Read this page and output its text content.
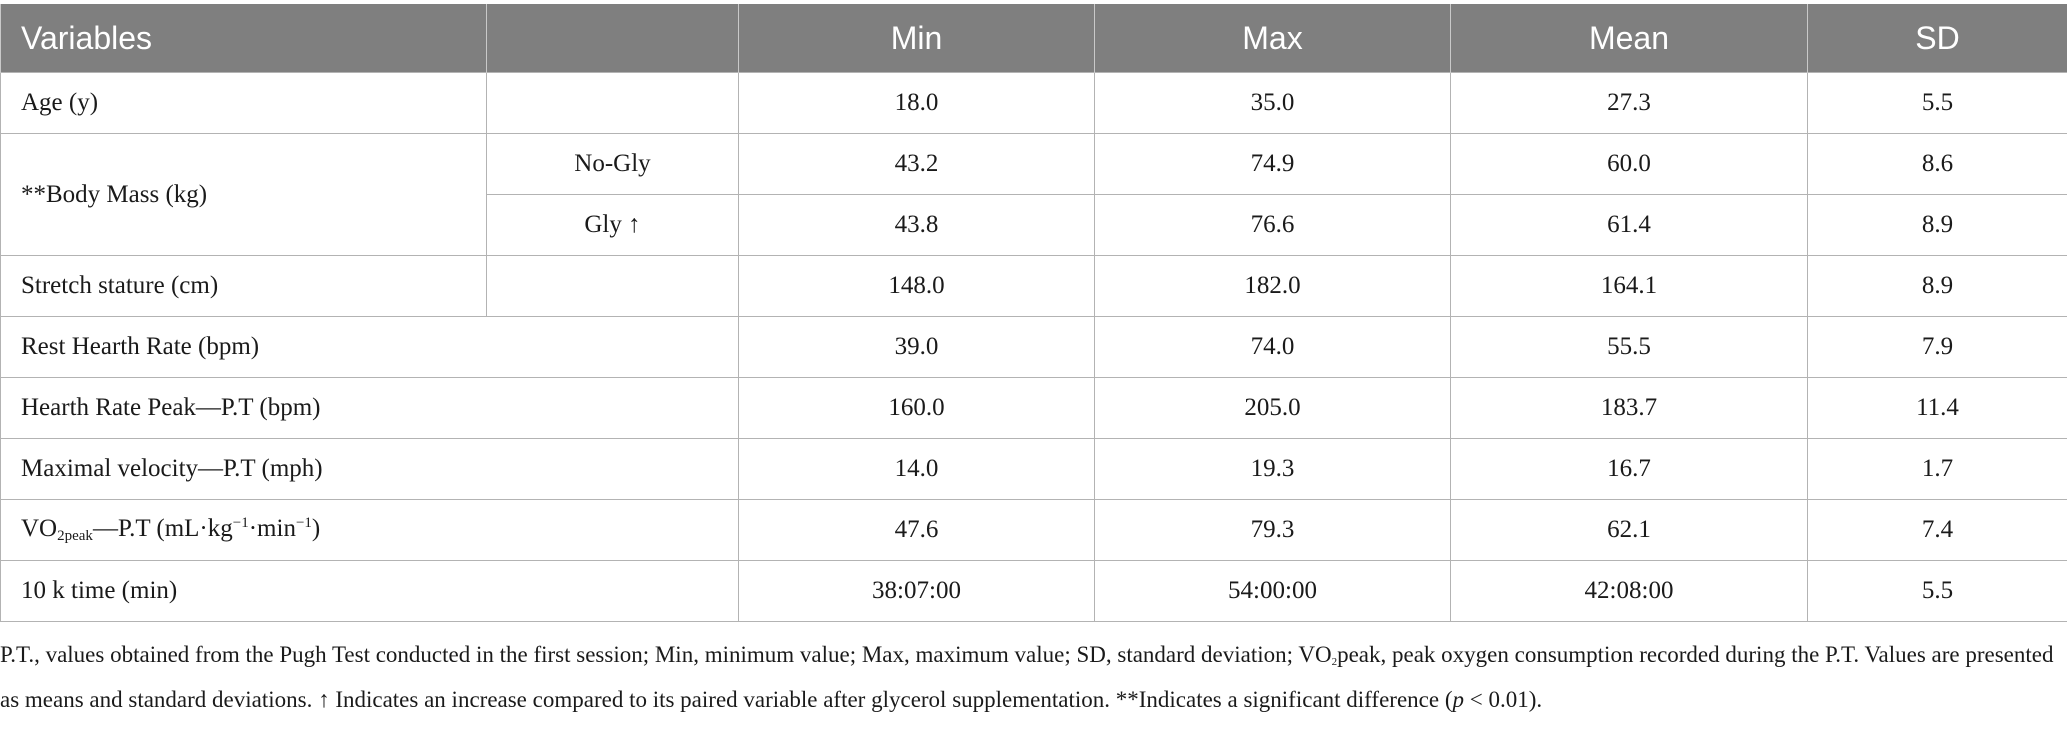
Variables		Min	Max	Mean	SD
Age (y)		18.0	35.0	27.3	5.5
**Body Mass (kg)	No-Gly	43.2	74.9	60.0	8.6
	Gly ↑	43.8	76.6	61.4	8.9
Stretch stature (cm)		148.0	182.0	164.1	8.9
Rest Hearth Rate (bpm)		39.0	74.0	55.5	7.9
Hearth Rate Peak—P.T (bpm)		160.0	205.0	183.7	11.4
Maximal velocity—P.T (mph)		14.0	19.3	16.7	1.7
$VO_{2peak}—P.T$ $(mL\cdot kg^{-1}\cdot\min^{-1})$		47.6	79.3	62.1	7.4
10 k time (min)		38:07:00	54:00:00	42:08:00	5.5

P.T., values obtained from the Pugh Test conducted in the first session; Min, minimum value; Max, maximum value; SD, standard deviation; $VO_2peak$, peak oxygen consumption recorded during the P.T. Values are presented as means and standard deviations. ↑ Indicates an increase compared to its paired variable after glycerol supplementation. **Indicates a significant difference (p < 0.01).
